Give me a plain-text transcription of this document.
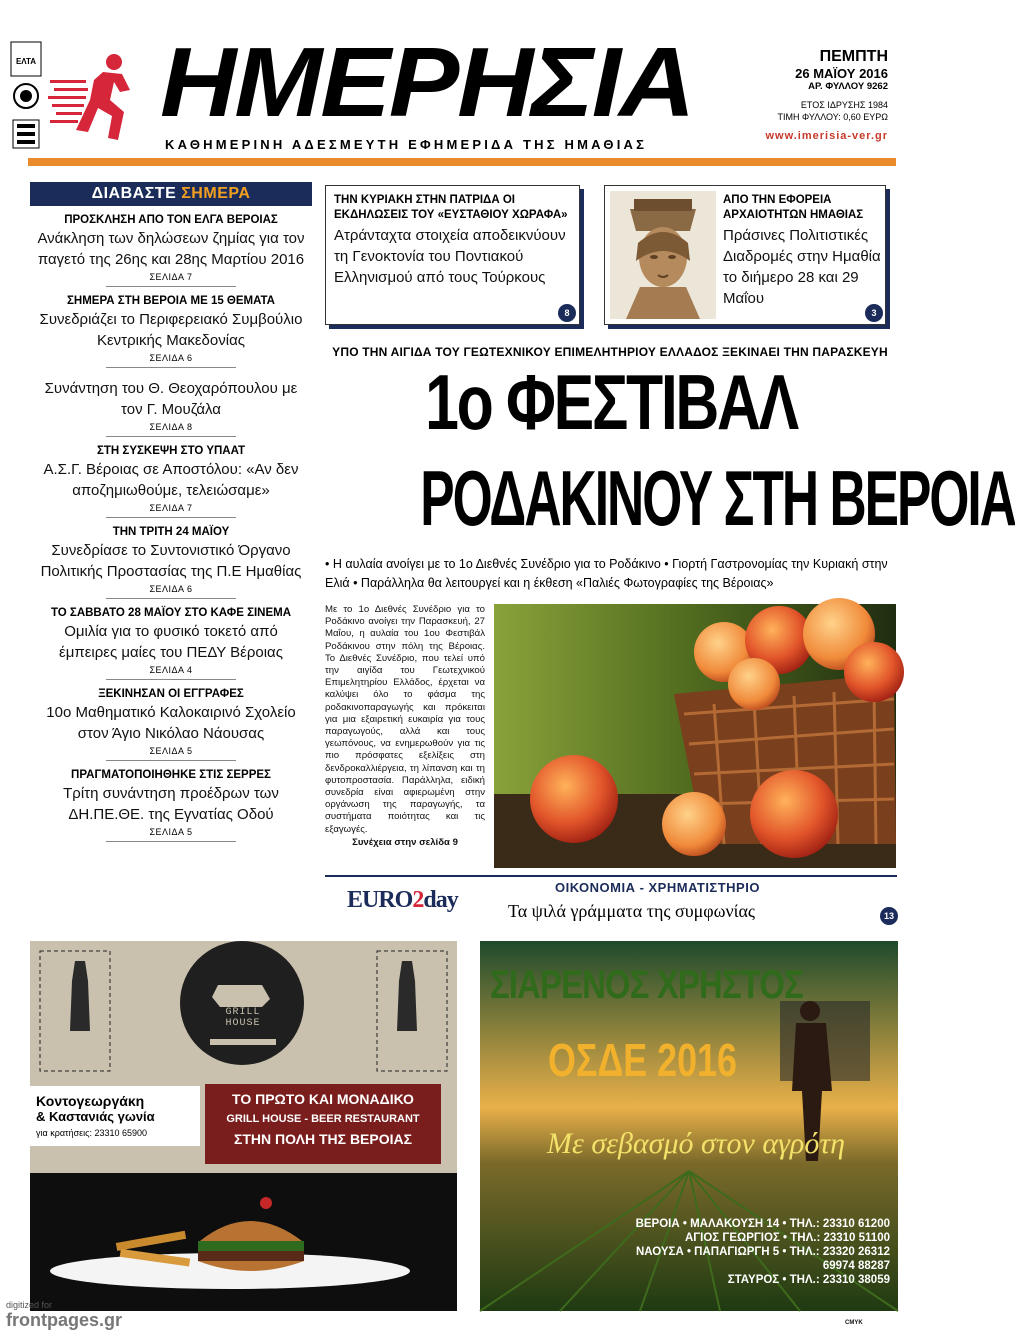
ΕΛΤΑ ΗΜΕΡΗΣΙΑ
ΚΑΘΗΜΕΡΙΝΗ ΑΔΕΣΜΕΥΤΗ ΕΦΗΜΕΡΙΔΑ ΤΗΣ ΗΜΑΘΙΑΣ
ΠΕΜΠΤΗ
26 ΜΑΪΟΥ 2016
ΑΡ. ΦΥΛΛΟΥ 9262
ΕΤΟΣ ΙΔΡΥΣΗΣ 1984
ΤΙΜΗ ΦΥΛΛΟΥ: 0,60 ΕΥΡΩ
www.imerisia-ver.gr
ΔΙΑΒΑΣΤΕ ΣΗΜΕΡΑ
ΠΡΟΣΚΛΗΣΗ ΑΠΟ ΤΟΝ ΕΛΓΑ ΒΕΡΟΙΑΣ
Ανάκληση των δηλώσεων ζημίας για τον παγετό της 26ης και 28ης Μαρτίου 2016
ΣΕΛΙΔΑ 7
ΣΗΜΕΡΑ ΣΤΗ ΒΕΡΟΙΑ ΜΕ 15 ΘΕΜΑΤΑ
Συνεδριάζει το Περιφερειακό Συμβούλιο Κεντρικής Μακεδονίας
ΣΕΛΙΔΑ 6
Συνάντηση του Θ. Θεοχαρόπουλου με τον Γ. Μουζάλα
ΣΕΛΙΔΑ 8
ΣΤΗ ΣΥΣΚΕΨΗ ΣΤΟ ΥΠΑΑΤ
Α.Σ.Γ. Βέροιας σε Αποστόλου: «Αν δεν αποζημιωθούμε, τελειώσαμε»
ΣΕΛΙΔΑ 7
ΤΗΝ ΤΡΙΤΗ 24 ΜΑΪΟΥ
Συνεδρίασε το Συντονιστικό Όργανο Πολιτικής Προστασίας της Π.Ε Ημαθίας
ΣΕΛΙΔΑ 6
ΤΟ ΣΑΒΒΑΤΟ 28 ΜΑΪΟΥ ΣΤΟ ΚΑΦΕ ΣΙΝΕΜΑ
Ομιλία για το φυσικό τοκετό από έμπειρες μαίες του ΠΕΔΥ Βέροιας
ΣΕΛΙΔΑ 4
ΞΕΚΙΝΗΣΑΝ ΟΙ ΕΓΓΡΑΦΕΣ
10ο Μαθηματικό Καλοκαιρινό Σχολείο στον Άγιο Νικόλαο Νάουσας
ΣΕΛΙΔΑ 5
ΠΡΑΓΜΑΤΟΠΟΙΗΘΗΚΕ ΣΤΙΣ ΣΕΡΡΕΣ
Τρίτη συνάντηση προέδρων των ΔΗ.ΠΕ.ΘΕ. της Εγνατίας Οδού
ΣΕΛΙΔΑ 5
ΤΗΝ ΚΥΡΙΑΚΗ ΣΤΗΝ ΠΑΤΡΙΔΑ ΟΙ ΕΚΔΗΛΩΣΕΙΣ ΤΟΥ «ΕΥΣΤΑΘΙΟΥ ΧΩΡΑΦΑ»
Ατράνταχτα στοιχεία αποδεικνύουν τη Γενοκτονία του Ποντιακού Ελληνισμού από τους Τούρκους
8
ΑΠΟ ΤΗΝ ΕΦΟΡΕΙΑ ΑΡΧΑΙΟΤΗΤΩΝ ΗΜΑΘΙΑΣ
Πράσινες Πολιτιστικές Διαδρομές στην Ημαθία το διήμερο 28 και 29 Μαΐου
3
ΥΠΟ ΤΗΝ ΑΙΓΙΔΑ ΤΟΥ ΓΕΩΤΕΧΝΙΚΟΥ ΕΠΙΜΕΛΗΤΗΡΙΟΥ ΕΛΛΑΔΟΣ ΞΕΚΙΝΑΕΙ ΤΗΝ ΠΑΡΑΣΚΕΥΗ
1ο ΦΕΣΤΙΒΑΛ
ΡΟΔΑΚΙΝΟΥ ΣΤΗ ΒΕΡΟΙΑ
• Η αυλαία ανοίγει με το 1ο Διεθνές Συνέδριο για το Ροδάκινο • Γιορτή Γαστρονομίας την Κυριακή στην Ελιά • Παράλληλα θα λειτουργεί και η έκθεση «Παλιές Φωτογραφίες της Βέροιας»
Με το 1ο Διεθνές Συνέδριο για το Ροδάκινο ανοίγει την Παρασκευή, 27 Μαΐου, η αυλαία του 1ου Φεστιβάλ Ροδάκινου στην πόλη της Βέροιας. Το Διεθνές Συνέδριο, που τελεί υπό την αιγίδα του Γεωτεχνικού Επιμελητηρίου Ελλάδος, έρχεται να καλύψει όλο το φάσμα της ροδακινοπαραγωγής και πρόκειται για μια εξαιρετική ευκαιρία για τους παραγωγούς, αλλά και τους γεωπόνους, να ενημερωθούν για τις πιο πρόσφατες εξελίξεις στη δενδροκαλλιέργεια, τη λίπανση και τη φυτοπροστασία. Παράλληλα, ειδική συνεδρία είναι αφιερωμένη στην οργάνωση της παραγωγής, τα συστήματα ποιότητας και τις εξαγωγές.
Συνέχεια στην σελίδα 9
EURO2day	ΟΙΚΟΝΟΜΙΑ - ΧΡΗΜΑΤΙΣΤΗΡΙΟ
Τα ψιλά γράμματα της συμφωνίας	13
GRILL HOUSE
Κοντογεωργάκη
& Καστανιάς γωνία
για κρατήσεις: 23310 65900
ΤΟ ΠΡΩΤΟ ΚΑΙ ΜΟΝΑΔΙΚΟ
GRILL HOUSE - BEER RESTAURANT
ΣΤΗΝ ΠΟΛΗ ΤΗΣ ΒΕΡΟΙΑΣ
ΣΙΑΡΕΝΟΣ ΧΡΗΣΤΟΣ
ΟΣΔΕ 2016
Με σεβασμό στον αγρότη
ΒΕΡΟΙΑ • ΜΑΛΑΚΟΥΣΗ 14 • ΤΗΛ.: 23310 61200
ΑΓΙΟΣ ΓΕΩΡΓΙΟΣ • ΤΗΛ.: 23310 51100
ΝΑΟΥΣΑ • ΠΑΠΑΓΙΩΡΓΗ 5 • ΤΗΛ.: 23320 26312
69974 88287
ΣΤΑΥΡΟΣ • ΤΗΛ.: 23310 38059
digitized for
frontpages.gr	CMYK
